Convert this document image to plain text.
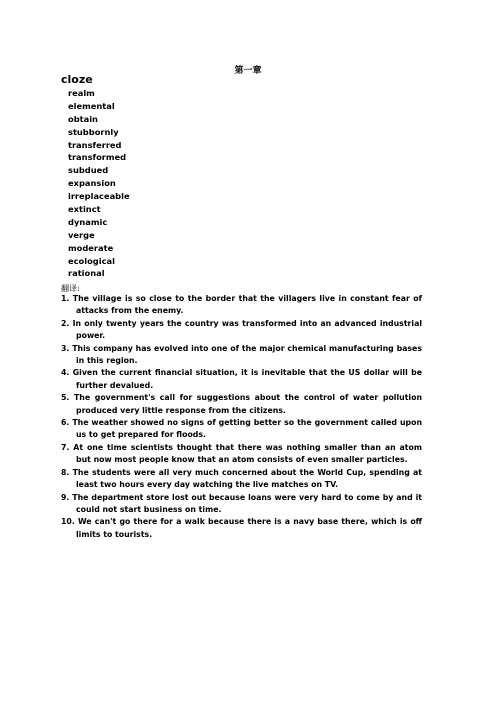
第一章
cloze
realm
elemental
obtain
stubbornly
transferred
transformed
subdued
expansion
irreplaceable
extinct
dynamic
verge
moderate
ecological
rational
翻译:
1. The village is so close to the border that the villagers live in constant fear of attacks from the enemy.
2. In only twenty years the country was transformed into an advanced industrial power.
3. This company has evolved into one of the major chemical manufacturing bases in this region.
4. Given the current financial situation, it is inevitable that the US dollar will be further devalued.
5. The government's call for suggestions about the control of water pollution produced very little response from the citizens.
6. The weather showed no signs of getting better so the government called upon us to get prepared for floods.
7. At one time scientists thought that there was nothing smaller than an atom but now most people know that an atom consists of even smaller particles.
8. The students were all very much concerned about the World Cup, spending at least two hours every day watching the live matches on TV.
9. The department store lost out because loans were very hard to come by and it could not start business on time.
10. We can't go there for a walk because there is a navy base there, which is off limits to tourists.
